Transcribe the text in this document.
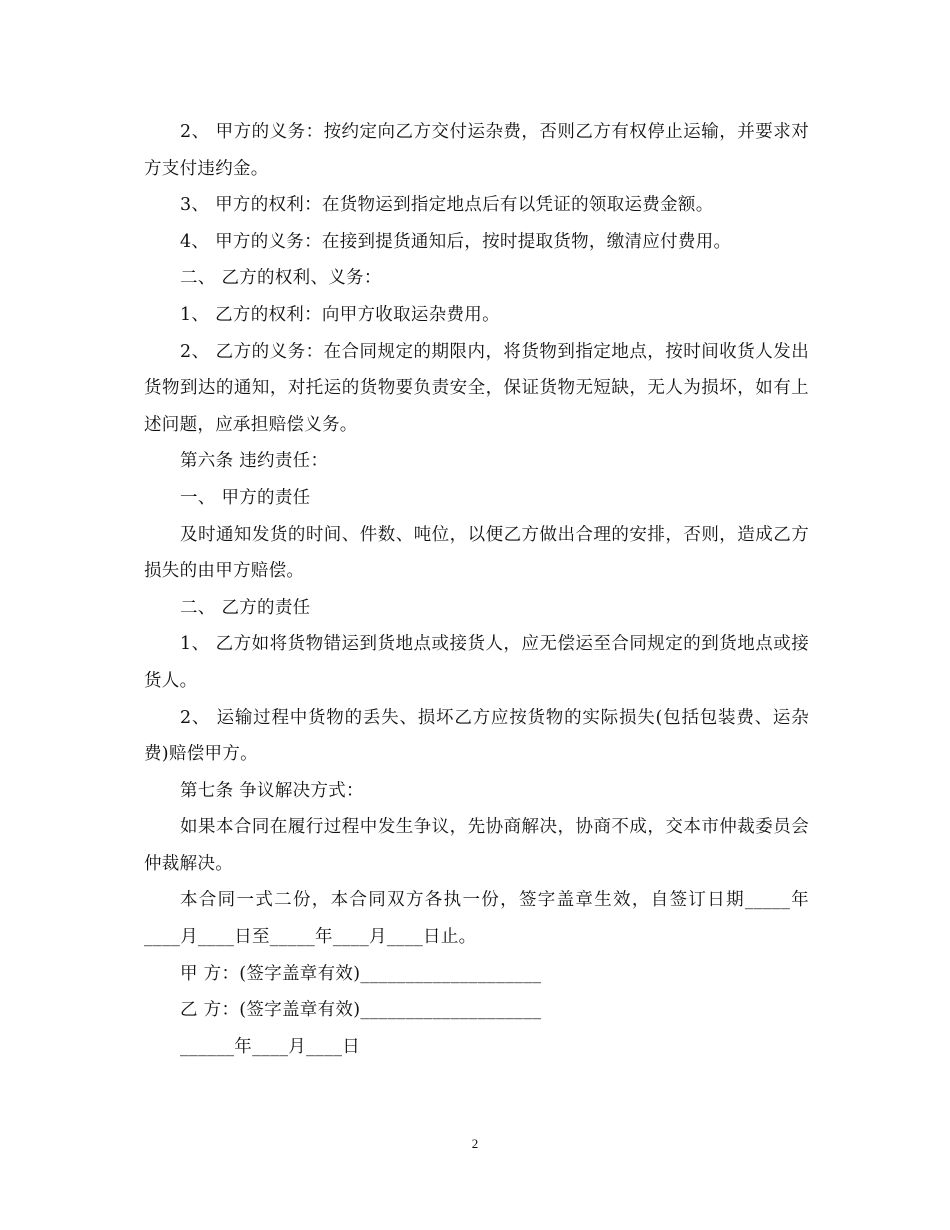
2、 甲方的义务：按约定向乙方交付运杂费，否则乙方有权停止运输，并要求对方支付违约金。

3、 甲方的权利：在货物运到指定地点后有以凭证的领取运费金额。

4、 甲方的义务：在接到提货通知后，按时提取货物，缴清应付费用。

二、 乙方的权利、义务：

1、 乙方的权利：向甲方收取运杂费用。

2、 乙方的义务：在合同规定的期限内，将货物到指定地点，按时间收货人发出货物到达的通知，对托运的货物要负责安全，保证货物无短缺，无人为损坏，如有上述问题，应承担赔偿义务。

第六条 违约责任：

一、 甲方的责任

及时通知发货的时间、件数、吨位，以便乙方做出合理的安排，否则，造成乙方损失的由甲方赔偿。

二、 乙方的责任

1、 乙方如将货物错运到货地点或接货人，应无偿运至合同规定的到货地点或接货人。

2、 运输过程中货物的丢失、损坏乙方应按货物的实际损失(包括包装费、运杂费)赔偿甲方。

第七条 争议解决方式：

如果本合同在履行过程中发生争议，先协商解决，协商不成，交本市仲裁委员会仲裁解决。

本合同一式二份，本合同双方各执一份，签字盖章生效，自签订日期_____年____月____日至_____年____月____日止。

甲 方：(签字盖章有效)____________________

乙 方：(签字盖章有效)____________________

______年____月____日

2
